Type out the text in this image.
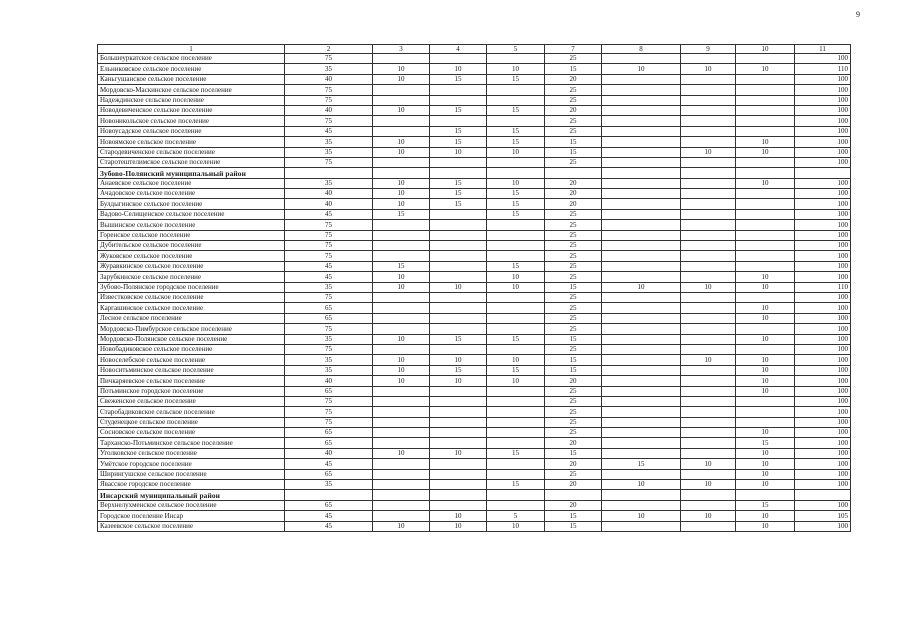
9
1	2	3	4	5	7	8	9	10	11
Большеуркатское сельское поселение	75				25				100
Ельниковское сельское поселение	35	10	10	10	15	10	10	10	110
Каньгушанское сельское поселение	40	10	15	15	20				100
Мордовско-Маскинское сельское поселение	75				25				100
Надеждинское сельское поселение	75				25				100
Новодевиченское сельское поселение	40	10	15	15	20				100
Новоникольское сельское поселение	75				25				100
Новоусадское сельское поселение	45		15	15	25				100
Новоямское сельское поселение	35	10	15	15	15			10	100
Стародевиченское сельское поселение	35	10	10	10	15		10	10	100
Старотештелимское сельское поселение	75				25				100
Зубово-Полянский муниципальный район									
Анаевское сельское поселение	35	10	15	10	20			10	100
Ачадовское сельское поселение	40	10	15	15	20				100
Булдыгинское сельское поселение	40	10	15	15	20				100
Вадово-Селищенское сельское поселение	45	15		15	25				100
Вышинское сельское поселение	75				25				100
Горенское сельское поселение	75				25				100
Дубительское сельское поселение	75				25				100
Жуковское сельское поселение	75				25				100
Журавкинское сельское поселение	45	15		15	25				100
Зарубкинское сельское поселение	45	10		10	25			10	100
Зубово-Полянское городское поселение	35	10	10	10	15	10	10	10	110
Известковское сельское поселение	75				25				100
Каргашинское сельское поселение	65				25			10	100
Лесное сельское поселение	65				25			10	100
Мордовско-Пимбурское сельское поселение	75				25				100
Мордовско-Полянское сельское поселение	35	10	15	15	15			10	100
Новобадиковское сельское поселение	75				25				100
Новоселебское сельское поселение	35	10	10	10	15		10	10	100
Новоситьминское сельское поселение	35	10	15	15	15			10	100
Пичкаряевское сельское поселение	40	10	10	10	20			10	100
Потьминское городское поселение	65				25			10	100
Свеженское сельское поселение	75				25				100
Старобадиковское сельское поселение	75				25				100
Студенецкое сельское поселение	75				25				100
Сосновское сельское поселение	65				25			10	100
Тарханско-Потьминское сельское поселение	65				20			15	100
Уголковское сельское поселение	40	10	10	15	15			10	100
Умётское городское поселение	45				20	15	10	10	100
Ширингушское сельское поселение	65				25			10	100
Явасское городское поселение	35			15	20	10	10	10	100
Инсарский муниципальный район									
Верхнелухменское сельское поселение	65				20			15	100
Городское поселение Инсар	45		10	5	15	10	10	10	105
Казеевское сельское поселение	45	10	10	10	15			10	100
